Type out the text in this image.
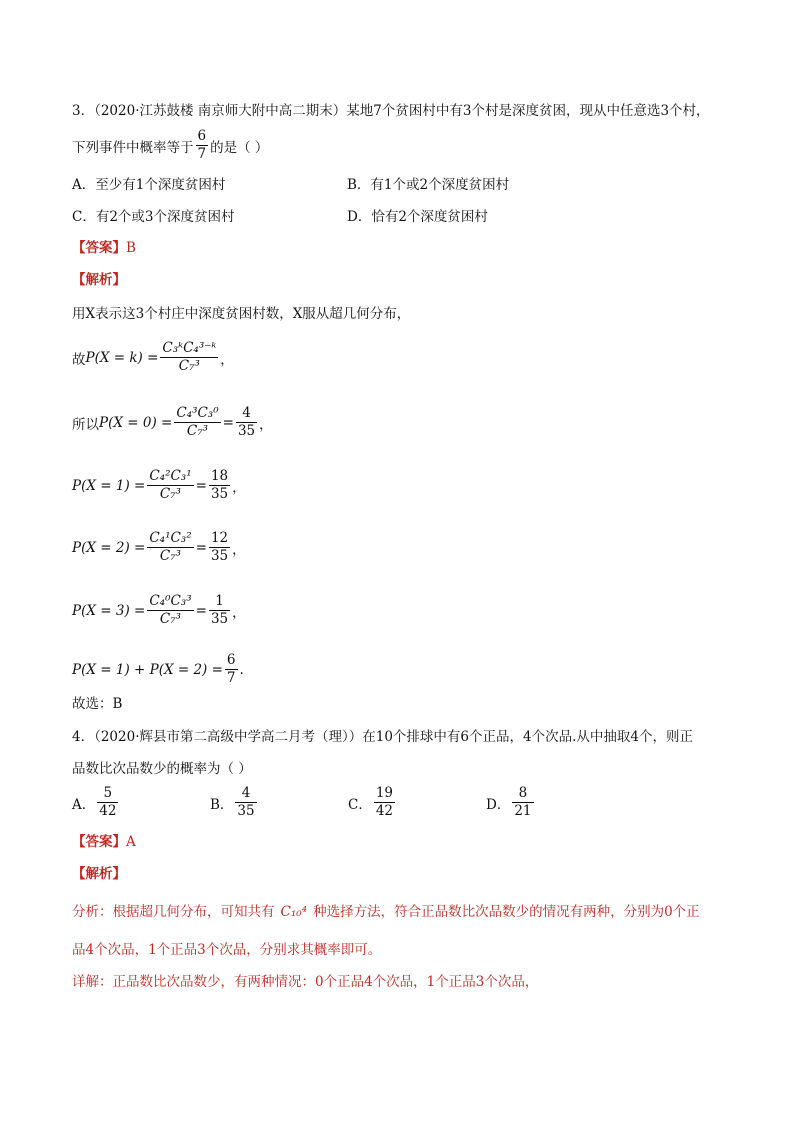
3．（2020·江苏鼓楼 南京师大附中高二期末）某地7个贫困村中有3个村是深度贫困，现从中任意选3个村，
下列事件中概率等于 $\frac{6}{7}$ 的是（ ）
A．至少有1个深度贫困村	B．有1个或2个深度贫困村
C．有2个或3个深度贫困村	D．恰有2个深度贫困村
【答案】B
【解析】
用X表示这3个村庄中深度贫困村数，X服从超几何分布，
故 $P(X = k) = \frac{\text{C₃ᵏC₄³⁻ᵏ}}{\text{C₇³}}$ ，
所以 $P(X = 0) = \frac{\text{C₄³C₃⁰}}{\text{C₇³}} = \frac{4}{35}$ ，
$P(X = 1) = \frac{\text{C₄²C₃¹}}{\text{C₇³}} = \frac{18}{35}$ ，
$P(X = 2) = \frac{\text{C₄¹C₃²}}{\text{C₇³}} = \frac{12}{35}$ ，
$P(X = 3) = \frac{\text{C₄⁰C₃³}}{\text{C₇³}} = \frac{1}{35}$ ，
$P(X = 1) + P(X = 2) = \frac{6}{7}$ .
故选：B
4．（2020·辉县市第二高级中学高二月考（理））在10个排球中有6个正品，4个次品.从中抽取4个，则正
品数比次品数少的概率为（ ）
A． $\frac{5}{42}$	B． $\frac{4}{35}$	C． $\frac{19}{42}$	D． $\frac{8}{21}$
【答案】A
【解析】
分析：根据超几何分布，可知共有 C₁₀⁴ 种选择方法，符合正品数比次品数少的情况有两种，分别为0个正
品4个次品，1个正品3个次品，分别求其概率即可。
详解：正品数比次品数少，有两种情况：0个正品4个次品，1个正品3个次品，
